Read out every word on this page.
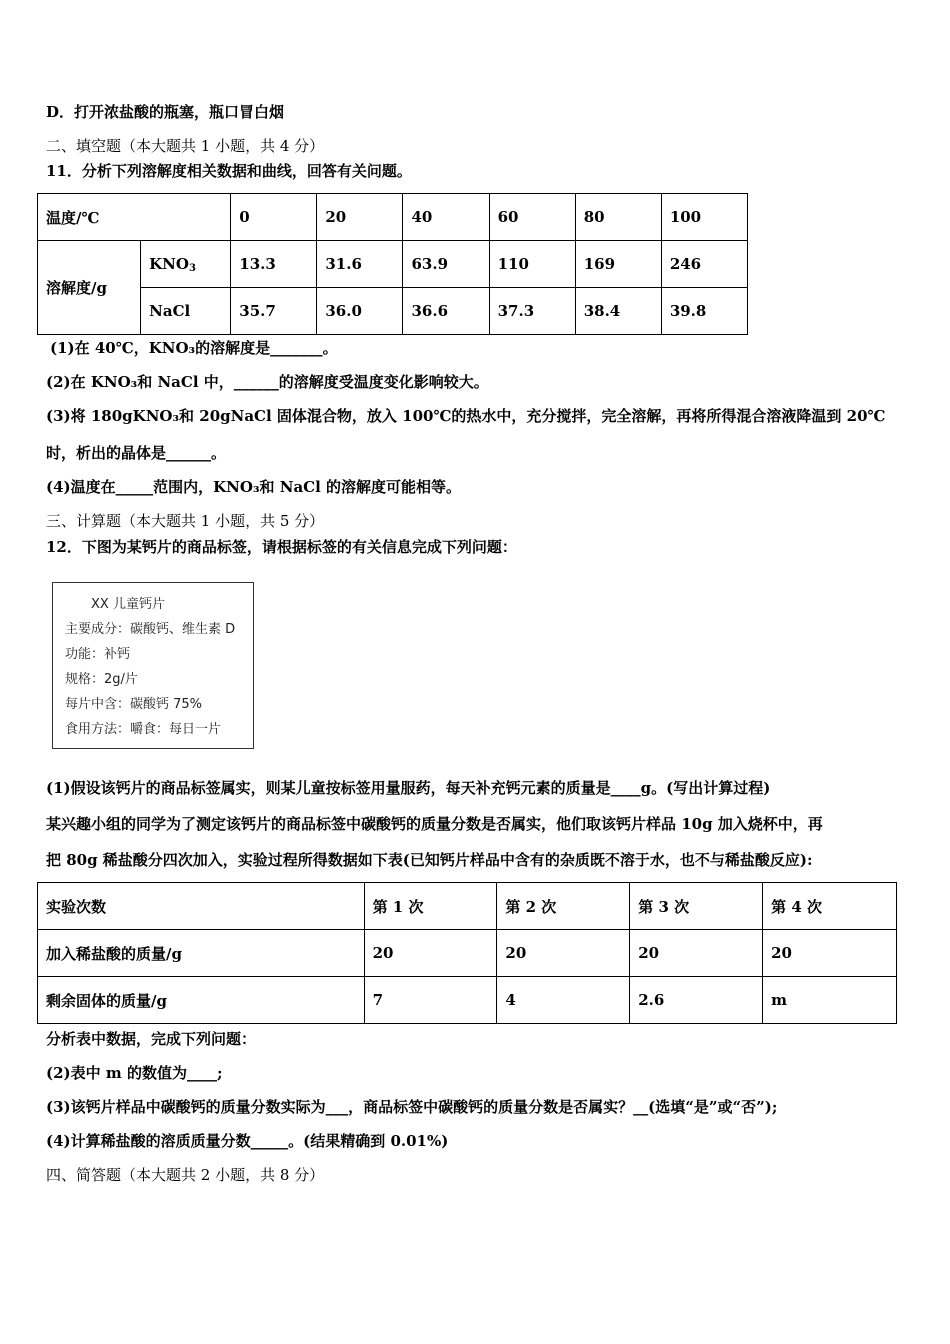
D．打开浓盐酸的瓶塞，瓶口冒白烟
二、填空题（本大题共 1 小题，共 4 分）
11．分析下列溶解度相关数据和曲线，回答有关问题。
温度/℃		0	20	40	60	80	100
溶解度/g	$KNO_3$	13.3	31.6	63.9	110	169	246
	NaCl	35.7	36.0	36.6	37.3	38.4	39.8
(1)在 40℃，KNO₃的溶解度是_______。
(2)在 KNO₃和 NaCl 中，______的溶解度受温度变化影响较大。
(3)将 180gKNO₃和 20gNaCl 固体混合物，放入 100℃的热水中，充分搅拌，完全溶解，再将所得混合溶液降温到 20℃
时，析出的晶体是______。
(4)温度在_____范围内，KNO₃和 NaCl 的溶解度可能相等。
三、计算题（本大题共 1 小题，共 5 分）
12．下图为某钙片的商品标签，请根据标签的有关信息完成下列问题：
XX 儿童钙片
主要成分：碳酸钙、维生素 D
功能：补钙
规格：2g/片
每片中含：碳酸钙 75%
食用方法：嚼食：每日一片
(1)假设该钙片的商品标签属实，则某儿童按标签用量服药，每天补充钙元素的质量是____g。(写出计算过程)
某兴趣小组的同学为了测定该钙片的商品标签中碳酸钙的质量分数是否属实，他们取该钙片样品 10g 加入烧杯中，再
把 80g 稀盐酸分四次加入，实验过程所得数据如下表(已知钙片样品中含有的杂质既不溶于水，也不与稀盐酸反应):
实验次数	第 1 次	第 2 次	第 3 次	第 4 次
加入稀盐酸的质量/g	20	20	20	20
剩余固体的质量/g	7	4	2.6	m
分析表中数据，完成下列问题：
(2)表中 m 的数值为____;
(3)该钙片样品中碳酸钙的质量分数实际为___，商品标签中碳酸钙的质量分数是否属实？__(选填“是”或“否”);
(4)计算稀盐酸的溶质质量分数_____。(结果精确到 0.01%)
四、简答题（本大题共 2 小题，共 8 分）
